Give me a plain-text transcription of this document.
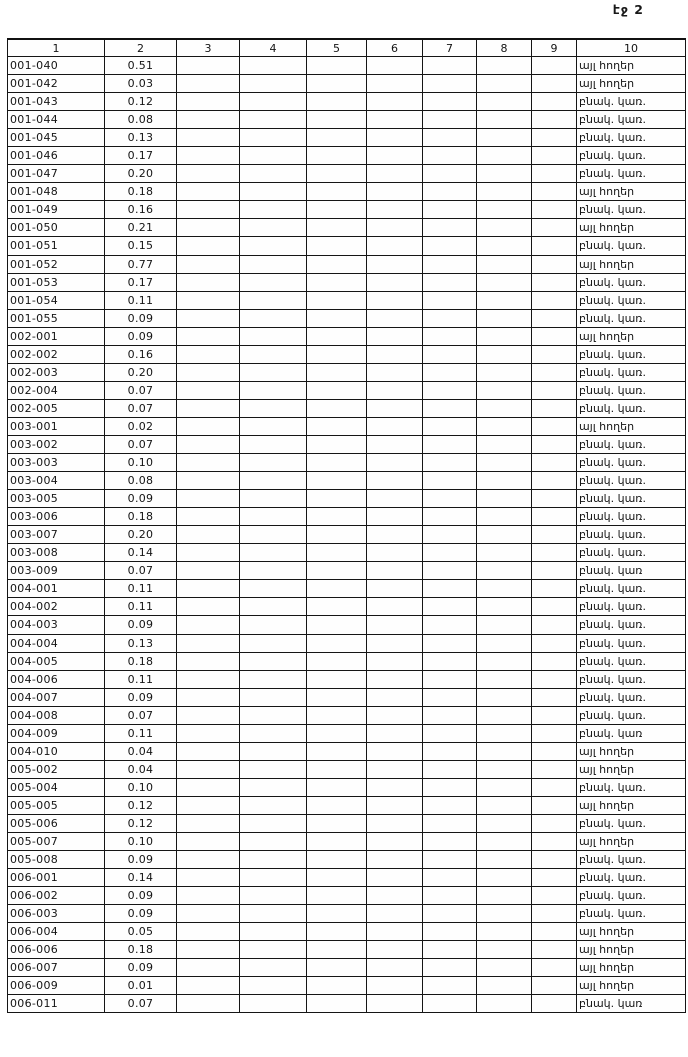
էջ 2
1	2	3	4	5	6	7	8	9	10
001-040	0.51								այլ հողեր
001-042	0.03								այլ հողեր
001-043	0.12								բնակ. կառ.
001-044	0.08								բնակ. կառ.
001-045	0.13								բնակ. կառ.
001-046	0.17								բնակ. կառ.
001-047	0.20								բնակ. կառ.
001-048	0.18								այլ հողեր
001-049	0.16								բնակ. կառ.
001-050	0.21								այլ հողեր
001-051	0.15								բնակ. կառ.
001-052	0.77								այլ հողեր
001-053	0.17								բնակ. կառ.
001-054	0.11								բնակ. կառ.
001-055	0.09								բնակ. կառ.
002-001	0.09								այլ հողեր
002-002	0.16								բնակ. կառ.
002-003	0.20								բնակ. կառ.
002-004	0.07								բնակ. կառ.
002-005	0.07								բնակ. կառ.
003-001	0.02								այլ հողեր
003-002	0.07								բնակ. կառ.
003-003	0.10								բնակ. կառ.
003-004	0.08								բնակ. կառ.
003-005	0.09								բնակ. կառ.
003-006	0.18								բնակ. կառ.
003-007	0.20								բնակ. կառ.
003-008	0.14								բնակ. կառ.
003-009	0.07								բնակ. կառ
004-001	0.11								բնակ. կառ.
004-002	0.11								բնակ. կառ.
004-003	0.09								բնակ. կառ.
004-004	0.13								բնակ. կառ.
004-005	0.18								բնակ. կառ.
004-006	0.11								բնակ. կառ.
004-007	0.09								բնակ. կառ.
004-008	0.07								բնակ. կառ.
004-009	0.11								բնակ. կառ
004-010	0.04								այլ հողեր
005-002	0.04								այլ հողեր
005-004	0.10								բնակ. կառ.
005-005	0.12								այլ հողեր
005-006	0.12								բնակ. կառ.
005-007	0.10								այլ հողեր
005-008	0.09								բնակ. կառ.
006-001	0.14								բնակ. կառ.
006-002	0.09								բնակ. կառ.
006-003	0.09								բնակ. կառ.
006-004	0.05								այլ հողեր
006-006	0.18								այլ հողեր
006-007	0.09								այլ հողեր
006-009	0.01								այլ հողեր
006-011	0.07								բնակ. կառ
